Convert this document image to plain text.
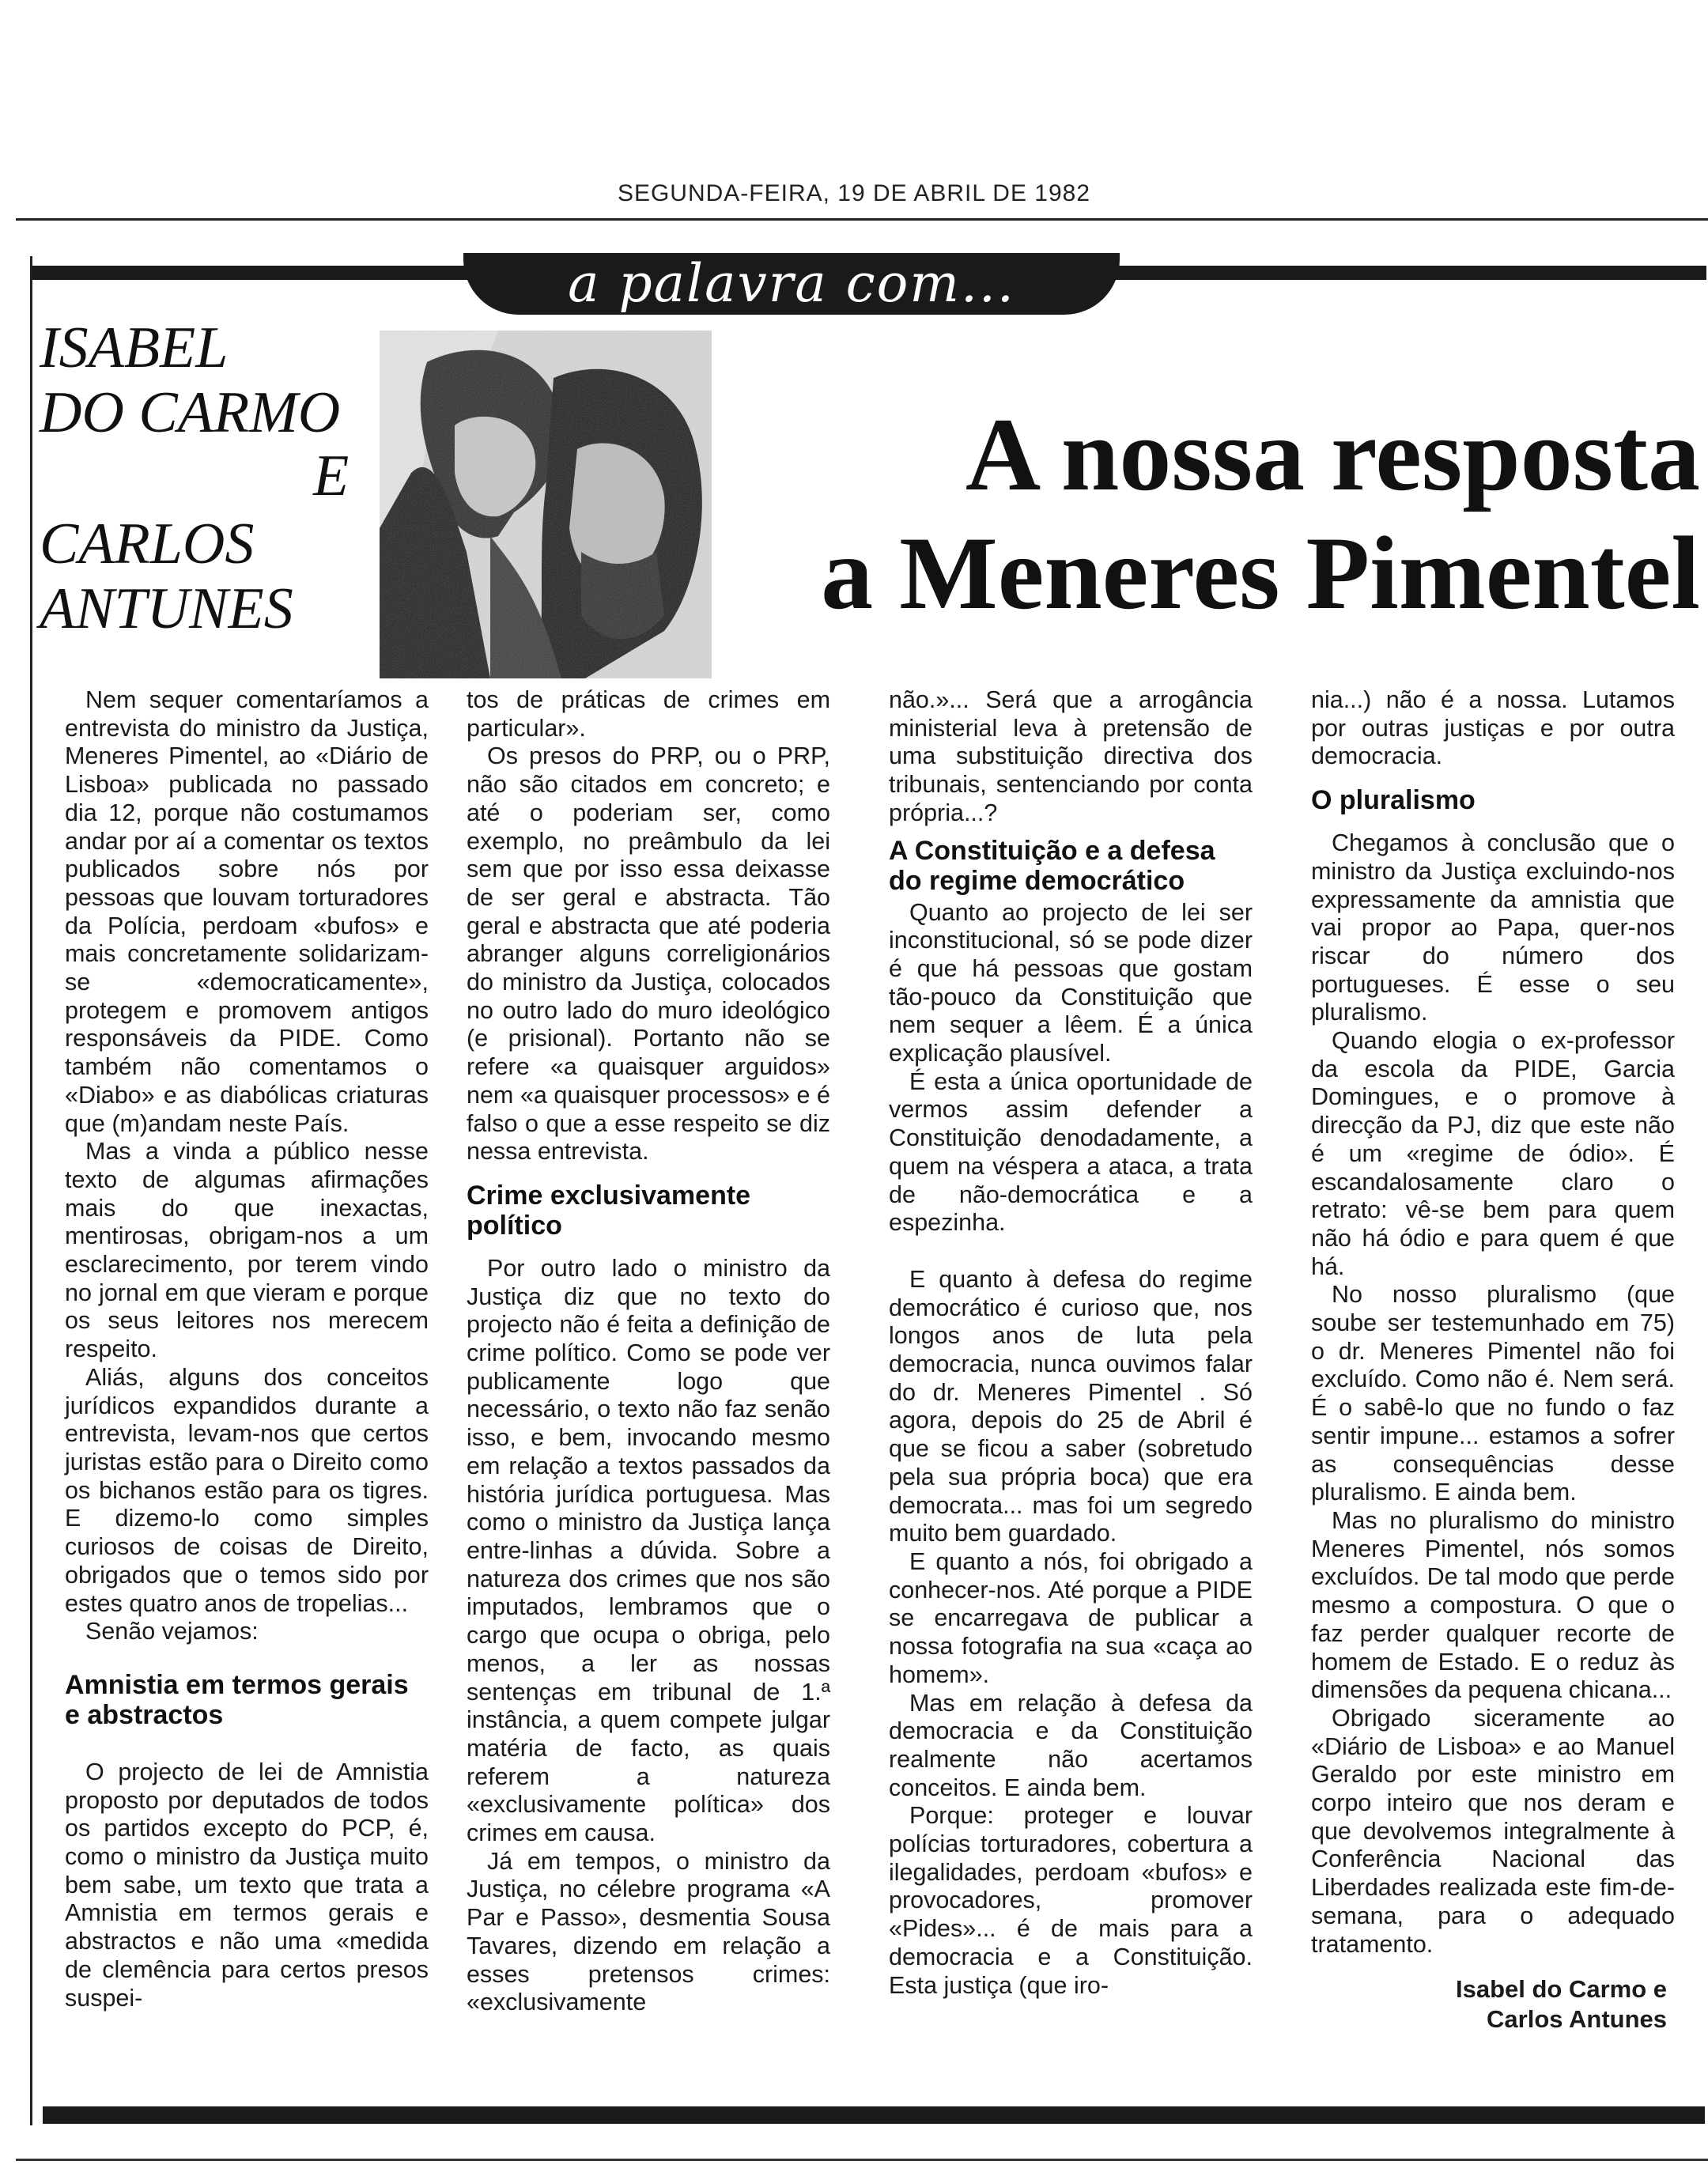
SEGUNDA-FEIRA, 19 DE ABRIL DE 1982
a palavra com...
ISABEL
DO CARMO
E
CARLOS
ANTUNES
A nossa resposta
a Meneres Pimentel

Nem sequer comentaríamos a entrevista do ministro da Justiça, Meneres Pimentel, ao «Diário de Lisboa» publicada no passado dia 12, porque não costumamos andar por aí a comentar os textos publicados sobre nós por pessoas que louvam torturadores da Polícia, perdoam «bufos» e mais concretamente solidarizam-se «democraticamente», protegem e promovem antigos responsáveis da PIDE. Como também não comentamos o «Diabo» e as diabólicas criaturas que (m)andam neste País.

Mas a vinda a público nesse texto de algumas afirmações mais do que inexactas, mentirosas, obrigam-nos a um esclarecimento, por terem vindo no jornal em que vieram e porque os seus leitores nos merecem respeito.

Aliás, alguns dos conceitos jurídicos expandidos durante a entrevista, levam-nos que certos juristas estão para o Direito como os bichanos estão para os tigres. E dizemo-lo como simples curiosos de coisas de Direito, obrigados que o temos sido por estes quatro anos de tropelias...

Senão vejamos:

Amnistia em termos gerais e abstractos

O projecto de lei de Amnistia proposto por deputados de todos os partidos excepto do PCP, é, como o ministro da Justiça muito bem sabe, um texto que trata a Amnistia em termos gerais e abstractos e não uma «medida de clemência para certos presos suspei-

tos de práticas de crimes em particular».

Os presos do PRP, ou o PRP, não são citados em concreto; e até o poderiam ser, como exemplo, no preâmbulo da lei sem que por isso essa deixasse de ser geral e abstracta. Tão geral e abstracta que até poderia abranger alguns correligionários do ministro da Justiça, colocados no outro lado do muro ideológico (e prisional). Portanto não se refere «a quaisquer arguidos» nem «a quaisquer processos» e é falso o que a esse respeito se diz nessa entrevista.

Crime exclusivamente político

Por outro lado o ministro da Justiça diz que no texto do projecto não é feita a definição de crime político. Como se pode ver publicamente logo que necessário, o texto não faz senão isso, e bem, invocando mesmo em relação a textos passados da história jurídica portuguesa. Mas como o ministro da Justiça lança entre-linhas a dúvida. Sobre a natureza dos crimes que nos são imputados, lembramos que o cargo que ocupa o obriga, pelo menos, a ler as nossas sentenças em tribunal de 1.ª instância, a quem compete julgar matéria de facto, as quais referem a natureza «exclusivamente política» dos crimes em causa.

Já em tempos, o ministro da Justiça, no célebre programa «A Par e Passo», desmentia Sousa Tavares, dizendo em relação a esses pretensos crimes: «exclusivamente

não.»... Será que a arrogância ministerial leva à pretensão de uma substituição directiva dos tribunais, sentenciando por conta própria...?

A Constituição e a defesa do regime democrático

Quanto ao projecto de lei ser inconstitucional, só se pode dizer é que há pessoas que gostam tão-pouco da Constituição que nem sequer a lêem. É a única explicação plausível.

É esta a única oportunidade de vermos assim defender a Constituição denodadamente, a quem na véspera a ataca, a trata de não-democrática e a espezinha.

E quanto à defesa do regime democrático é curioso que, nos longos anos de luta pela democracia, nunca ouvimos falar do dr. Meneres Pimentel . Só agora, depois do 25 de Abril é que se ficou a saber (sobretudo pela sua própria boca) que era democrata... mas foi um segredo muito bem guardado.

E quanto a nós, foi obrigado a conhecer-nos. Até porque a PIDE se encarregava de publicar a nossa fotografia na sua «caça ao homem».

Mas em relação à defesa da democracia e da Constituição realmente não acertamos conceitos. E ainda bem.

Porque: proteger e louvar polícias torturadores, cobertura a ilegalidades, perdoam «bufos» e provocadores, promover «Pides»... é de mais para a democracia e a Constituição. Esta justiça (que iro-

nia...) não é a nossa. Lutamos por outras justiças e por outra democracia.

O pluralismo

Chegamos à conclusão que o ministro da Justiça excluindo-nos expressamente da amnistia que vai propor ao Papa, quer-nos riscar do número dos portugueses. É esse o seu pluralismo.

Quando elogia o ex-professor da escola da PIDE, Garcia Domingues, e o promove à direcção da PJ, diz que este não é um «regime de ódio». É escandalosamente claro o retrato: vê-se bem para quem não há ódio e para quem é que há.

No nosso pluralismo (que soube ser testemunhado em 75) o dr. Meneres Pimentel não foi excluído. Como não é. Nem será. É o sabê-lo que no fundo o faz sentir impune... estamos a sofrer as consequências desse pluralismo. E ainda bem.

Mas no pluralismo do ministro Meneres Pimentel, nós somos excluídos. De tal modo que perde mesmo a compostura. O que o faz perder qualquer recorte de homem de Estado. E o reduz às dimensões da pequena chicana...

Obrigado siceramente ao «Diário de Lisboa» e ao Manuel Geraldo por este ministro em corpo inteiro que nos deram e que devolvemos integralmente à Conferência Nacional das Liberdades realizada este fim-de-semana, para o adequado tratamento.

Isabel do Carmo e
Carlos Antunes
